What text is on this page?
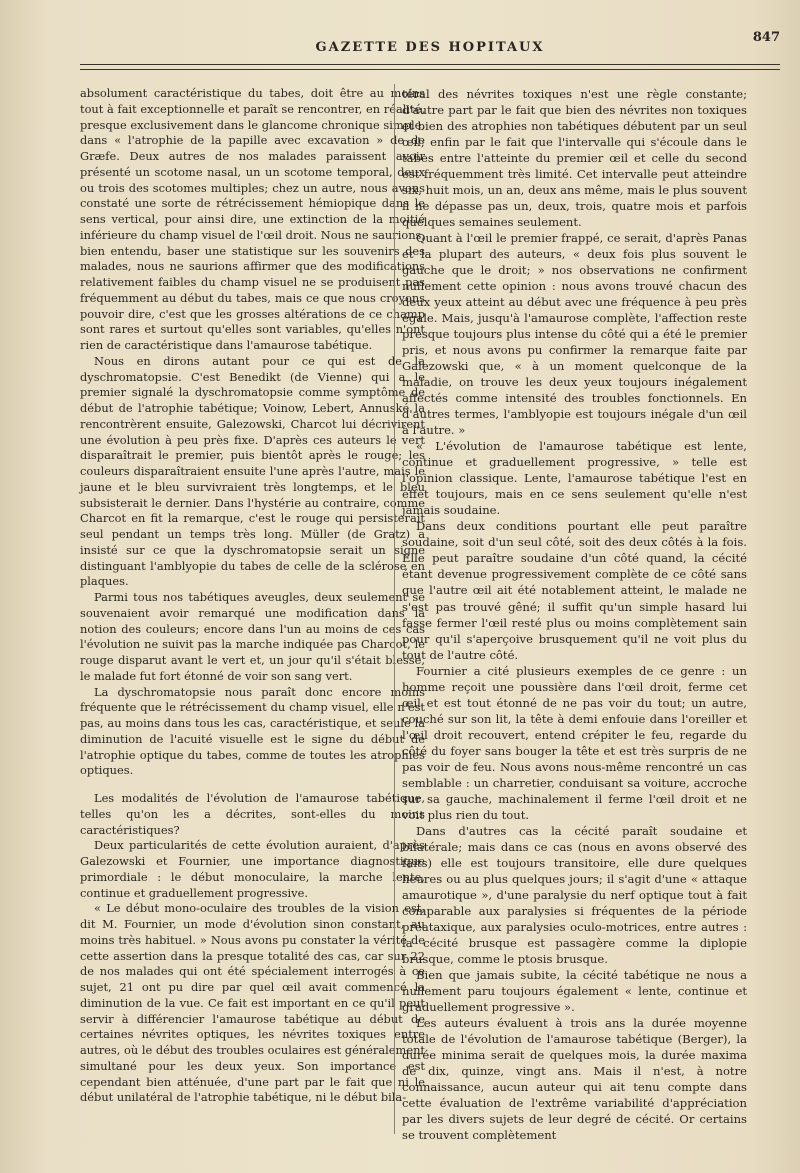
GAZETTE DES HOPITAUX
847

absolument caractéristique du tabes, doit être au moins tout à fait exceptionnelle et paraît se rencontrer, en réalité, presque exclusivement dans le glancome chronique simple, dans « l'atrophie de la papille avec excavation » de de Græfe. Deux autres de nos malades paraissent avoir présenté un scotome nasal, un un scotome temporal, deux ou trois des scotomes multiples; chez un autre, nous avons constaté une sorte de rétrécissement hémiopique dans le sens vertical, pour ainsi dire, une extinction de la moitié inférieure du champ visuel de l'œil droit. Nous ne saurions, bien entendu, baser une statistique sur les souvenirs des malades, nous ne saurions affirmer que des modifications relativement faibles du champ visuel ne se produisent pas fréquemment au début du tabes, mais ce que nous croyons pouvoir dire, c'est que les grosses altérations de ce champ sont rares et surtout qu'elles sont variables, qu'elles n'ont rien de caractéristique dans l'amaurose tabétique.

Nous en dirons autant pour ce qui est de la dyschromatopsie. C'est Benedikt (de Vienne) qui a le premier signalé la dyschromatopsie comme symptôme de début de l'atrophie tabétique; Voinow, Lebert, Annuské la rencontrèrent ensuite, Galezowski, Charcot lui décrivirent une évolution à peu près fixe. D'après ces auteurs le vert disparaîtrait le premier, puis bientôt après le rouge; les couleurs disparaîtraient ensuite l'une après l'autre, mais le jaune et le bleu survivraient très longtemps, et le bleu subsisterait le dernier. Dans l'hystérie au contraire, comme Charcot en fit la remarque, c'est le rouge qui persisterait seul pendant un temps très long. Müller (de Gratz) a insisté sur ce que la dyschromatopsie serait un signe distinguant l'amblyopie du tabes de celle de la sclérose en plaques.

Parmi tous nos tabétiques aveugles, deux seulement se souvenaient avoir remarqué une modification dans la notion des couleurs; encore dans l'un au moins de ces cas l'évolution ne suivit pas la marche indiquée pas Charcot, le rouge disparut avant le vert et, un jour qu'il s'était blessé, le malade fut fort étonné de voir son sang vert.

La dyschromatopsie nous paraît donc encore moins fréquente que le rétrécissement du champ visuel, elle n'est pas, au moins dans tous les cas, caractéristique, et seule la diminution de l'acuité visuelle est le signe du début de l'atrophie optique du tabes, comme de toutes les atrophies optiques.

Les modalités de l'évolution de l'amaurose tabétique, telles qu'on les a décrites, sont-elles du moins caractéristiques?

Deux particularités de cette évolution auraient, d'après Galezowski et Fournier, une importance diagnostique primordiale : le début monoculaire, la marche lente, continue et graduellement progressive.

« Le début mono-oculaire des troubles de la vision est, dit M. Fournier, un mode d'évolution sinon constant, au moins très habituel. » Nous avons pu constater la vérité de cette assertion dans la presque totalité des cas, car sur 22 de nos malades qui ont été spécialement interrogés à ce sujet, 21 ont pu dire par quel œil avait commencé la diminution de la vue. Ce fait est important en ce qu'il peut servir à différencier l'amaurose tabétique au début de certaines névrites optiques, les névrites toxiques entre autres, où le début des troubles oculaires est généralement simultané pour les deux yeux. Son importance est cependant bien atténuée, d'une part par le fait que ni le début unilatéral de l'atrophie tabétique, ni le début bila-

téral des névrites toxiques n'est une règle constante; d'autre part par le fait que bien des névrites non toxiques et bien des atrophies non tabétiques débutent par un seul œil; enfin par le fait que l'intervalle qui s'écoule dans le tabes entre l'atteinte du premier œil et celle du second est fréquemment très limité. Cet intervalle peut atteindre six, huit mois, un an, deux ans même, mais le plus souvent il ne dépasse pas un, deux, trois, quatre mois et parfois quelques semaines seulement.

Quant à l'œil le premier frappé, ce serait, d'après Panas et la plupart des auteurs, « deux fois plus souvent le gauche que le droit; » nos observations ne confirment nullement cette opinion : nous avons trouvé chacun des deux yeux atteint au début avec une fréquence à peu près égale. Mais, jusqu'à l'amaurose complète, l'affection reste presque toujours plus intense du côté qui a été le premier pris, et nous avons pu confirmer la remarque faite par Galezowski que, « à un moment quelconque de la maladie, on trouve les deux yeux toujours inégalement affectés comme intensité des troubles fonctionnels. En d'autres termes, l'amblyopie est toujours inégale d'un œil à l'autre. »

« L'évolution de l'amaurose tabétique est lente, continue et graduellement progressive, » telle est l'opinion classique. Lente, l'amaurose tabétique l'est en effet toujours, mais en ce sens seulement qu'elle n'est jamais soudaine.

Dans deux conditions pourtant elle peut paraître soudaine, soit d'un seul côté, soit des deux côtés à la fois. Elle peut paraître soudaine d'un côté quand, la cécité étant devenue progressivement complète de ce côté sans que l'autre œil ait été notablement atteint, le malade ne s'est pas trouvé gêné; il suffit qu'un simple hasard lui fasse fermer l'œil resté plus ou moins complètement sain pour qu'il s'aperçoive brusquement qu'il ne voit plus du tout de l'autre côté.

Fournier a cité plusieurs exemples de ce genre : un homme reçoit une poussière dans l'œil droit, ferme cet œil et est tout étonné de ne pas voir du tout; un autre, couché sur son lit, la tête à demi enfouie dans l'oreiller et l'œil droit recouvert, entend crépiter le feu, regarde du côté du foyer sans bouger la tête et est très surpris de ne pas voir de feu. Nous avons nous-même rencontré un cas semblable : un charretier, conduisant sa voiture, accroche sur sa gauche, machinalement il ferme l'œil droit et ne voit plus rien du tout.

Dans d'autres cas la cécité paraît soudaine et bilatérale; mais dans ce cas (nous en avons observé des faits) elle est toujours transitoire, elle dure quelques heures ou au plus quelques jours; il s'agit d'une « attaque amaurotique », d'une paralysie du nerf optique tout à fait comparable aux paralysies si fréquentes de la période préataxique, aux paralysies oculo-motrices, entre autres : la cécité brusque est passagère comme la diplopie brusque, comme le ptosis brusque.

Bien que jamais subite, la cécité tabétique ne nous a nullement paru toujours également « lente, continue et graduellement progressive ».

Les auteurs évaluent à trois ans la durée moyenne totale de l'évolution de l'amaurose tabétique (Berger), la durée minima serait de quelques mois, la durée maxima de dix, quinze, vingt ans. Mais il n'est, à notre connaissance, aucun auteur qui ait tenu compte dans cette évaluation de l'extrême variabilité d'appréciation par les divers sujets de leur degré de cécité. Or certains se trouvent complètement
